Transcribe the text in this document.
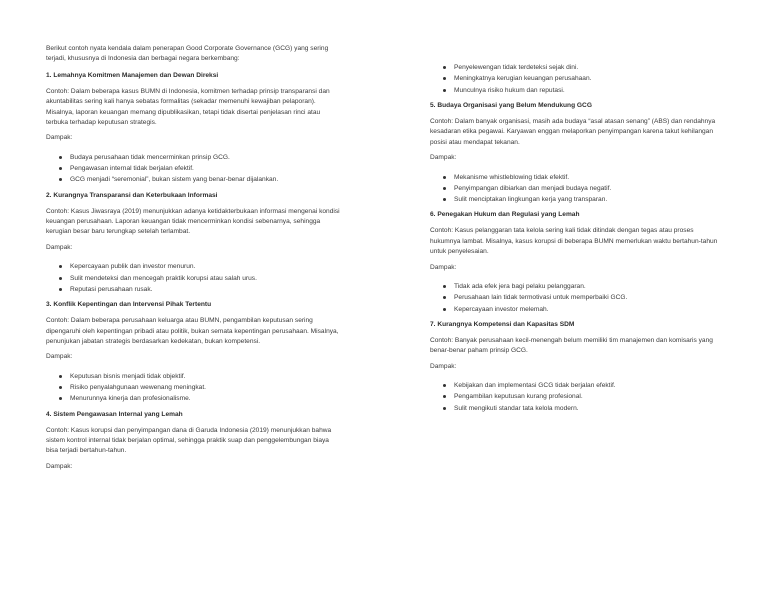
Berikut contoh nyata kendala dalam penerapan Good Corporate Governance (GCG) yang sering terjadi, khususnya di Indonesia dan berbagai negara berkembang:

1. Lemahnya Komitmen Manajemen dan Dewan Direksi

Contoh: Dalam beberapa kasus BUMN di Indonesia, komitmen terhadap prinsip transparansi dan akuntabilitas sering kali hanya sebatas formalitas (sekadar memenuhi kewajiban pelaporan). Misalnya, laporan keuangan memang dipublikasikan, tetapi tidak disertai penjelasan rinci atau terbuka terhadap keputusan strategis.

Dampak:

Budaya perusahaan tidak mencerminkan prinsip GCG.
Pengawasan internal tidak berjalan efektif.
GCG menjadi “seremonial”, bukan sistem yang benar-benar dijalankan.
2. Kurangnya Transparansi dan Keterbukaan Informasi

Contoh: Kasus Jiwasraya (2019) menunjukkan adanya ketidakterbukaan informasi mengenai kondisi keuangan perusahaan. Laporan keuangan tidak mencerminkan kondisi sebenarnya, sehingga kerugian besar baru terungkap setelah terlambat.

Dampak:

Kepercayaan publik dan investor menurun.
Sulit mendeteksi dan mencegah praktik korupsi atau salah urus.
Reputasi perusahaan rusak.
3. Konflik Kepentingan dan Intervensi Pihak Tertentu

Contoh: Dalam beberapa perusahaan keluarga atau BUMN, pengambilan keputusan sering dipengaruhi oleh kepentingan pribadi atau politik, bukan semata kepentingan perusahaan. Misalnya, penunjukan jabatan strategis berdasarkan kedekatan, bukan kompetensi.

Dampak:

Keputusan bisnis menjadi tidak objektif.
Risiko penyalahgunaan wewenang meningkat.
Menurunnya kinerja dan profesionalisme.
4. Sistem Pengawasan Internal yang Lemah

Contoh: Kasus korupsi dan penyimpangan dana di Garuda Indonesia (2019) menunjukkan bahwa sistem kontrol internal tidak berjalan optimal, sehingga praktik suap dan penggelembungan biaya bisa terjadi bertahun-tahun.

Dampak:

Penyelewengan tidak terdeteksi sejak dini.
Meningkatnya kerugian keuangan perusahaan.
Munculnya risiko hukum dan reputasi.
5. Budaya Organisasi yang Belum Mendukung GCG

Contoh: Dalam banyak organisasi, masih ada budaya “asal atasan senang” (ABS) dan rendahnya kesadaran etika pegawai. Karyawan enggan melaporkan penyimpangan karena takut kehilangan posisi atau mendapat tekanan.

Dampak:

Mekanisme whistleblowing tidak efektif.
Penyimpangan dibiarkan dan menjadi budaya negatif.
Sulit menciptakan lingkungan kerja yang transparan.
6. Penegakan Hukum dan Regulasi yang Lemah

Contoh: Kasus pelanggaran tata kelola sering kali tidak ditindak dengan tegas atau proses hukumnya lambat. Misalnya, kasus korupsi di beberapa BUMN memerlukan waktu bertahun-tahun untuk penyelesaian.

Dampak:

Tidak ada efek jera bagi pelaku pelanggaran.
Perusahaan lain tidak termotivasi untuk memperbaiki GCG.
Kepercayaan investor melemah.
7. Kurangnya Kompetensi dan Kapasitas SDM

Contoh: Banyak perusahaan kecil-menengah belum memiliki tim manajemen dan komisaris yang benar-benar paham prinsip GCG.

Dampak:

Kebijakan dan implementasi GCG tidak berjalan efektif.
Pengambilan keputusan kurang profesional.
Sulit mengikuti standar tata kelola modern.
